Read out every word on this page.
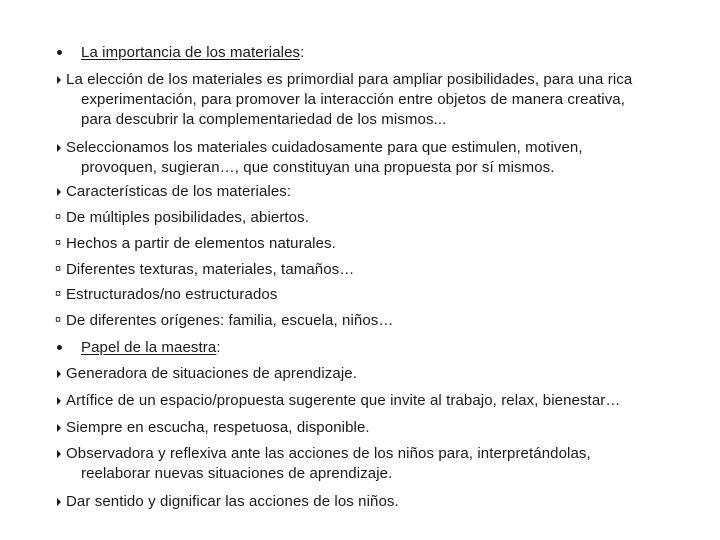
La importancia de los materiales:
La elección de los materiales es primordial para ampliar posibilidades, para una rica
experimentación, para promover la interacción entre objetos de manera creativa,
para descubrir la complementariedad de los mismos...
Seleccionamos los materiales cuidadosamente para que estimulen, motiven,
provoquen, sugieran…, que constituyan una propuesta por sí mismos.
Características de los materiales:
¤ De múltiples posibilidades, abiertos.
¤ Hechos a partir de elementos naturales.
¤ Diferentes texturas, materiales, tamaños…
¤ Estructurados/no estructurados
¤ De diferentes orígenes: familia, escuela, niños…
Papel de la maestra:
Generadora de situaciones de aprendizaje.
Artífice de un espacio/propuesta sugerente que invite al trabajo, relax, bienestar…
Siempre en escucha, respetuosa, disponible.
Observadora y reflexiva ante las acciones de los niños para, interpretándolas,
reelaborar nuevas situaciones de aprendizaje.
Dar sentido y dignificar las acciones de los niños.
